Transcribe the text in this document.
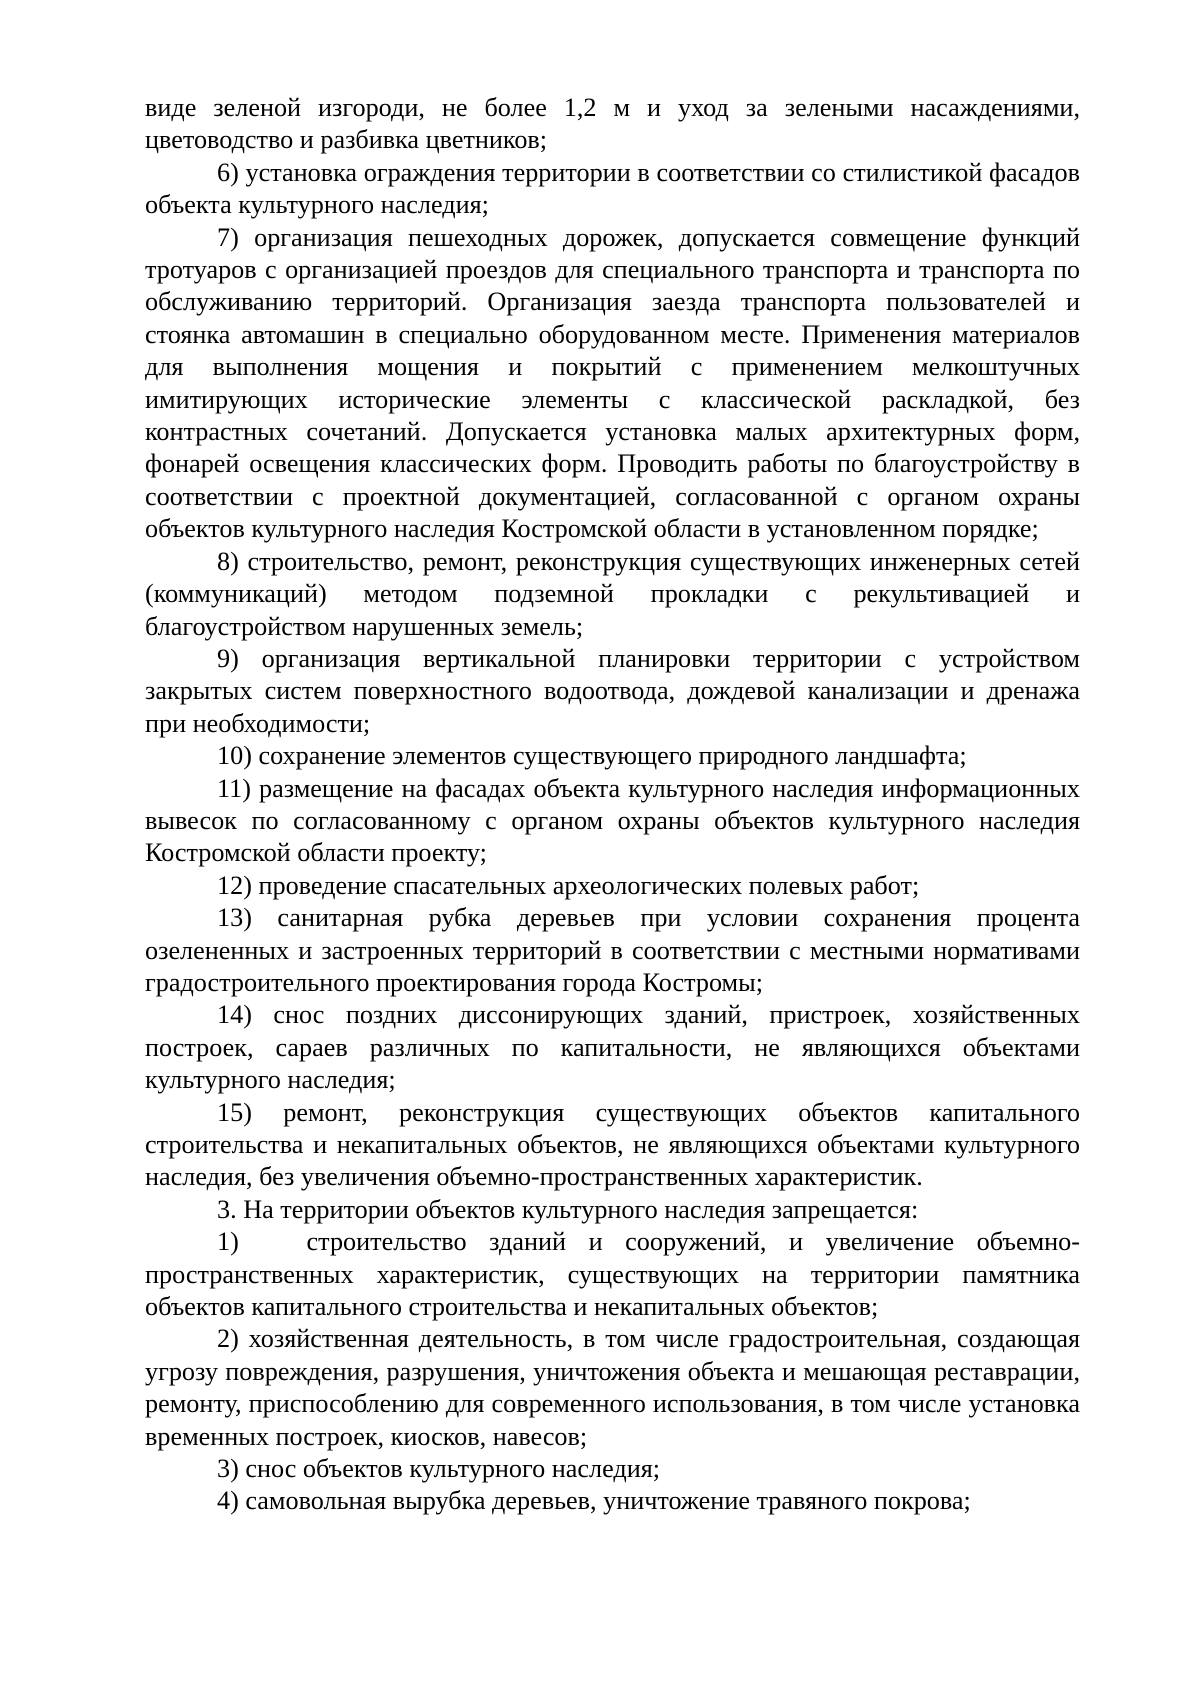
виде зеленой изгороди, не более 1,2 м и уход за зелеными насаждениями, цветоводство и разбивка цветников;

6) установка ограждения территории в соответствии со стилистикой фасадов объекта культурного наследия;

7) организация пешеходных дорожек, допускается совмещение функций тротуаров с организацией проездов для специального транспорта и транспорта по обслуживанию территорий. Организация заезда транспорта пользователей и стоянка автомашин в специально оборудованном месте. Применения материалов для выполнения мощения и покрытий с применением мелкоштучных имитирующих исторические элементы с классической раскладкой, без контрастных сочетаний. Допускается установка малых архитектурных форм, фонарей освещения классических форм. Проводить работы по благоустройству в соответствии с проектной документацией, согласованной с органом охраны объектов культурного наследия Костромской области в установленном порядке;

8) строительство, ремонт, реконструкция существующих инженерных сетей (коммуникаций) методом подземной прокладки с рекультивацией и благоустройством нарушенных земель;

9) организация вертикальной планировки территории с устройством закрытых систем поверхностного водоотвода, дождевой канализации и дренажа при необходимости;

10) сохранение элементов существующего природного ландшафта;

11) размещение на фасадах объекта культурного наследия информационных вывесок по согласованному с органом охраны объектов культурного наследия Костромской области проекту;

12) проведение спасательных археологических полевых работ;

13) санитарная рубка деревьев при условии сохранения процента озелененных и застроенных территорий в соответствии с местными нормативами градостроительного проектирования города Костромы;

14) снос поздних диссонирующих зданий, пристроек, хозяйственных построек, сараев различных по капитальности, не являющихся объектами культурного наследия;

15) ремонт, реконструкция существующих объектов капитального строительства и некапитальных объектов, не являющихся объектами культурного наследия, без увеличения объемно-пространственных характеристик.

3. На территории объектов культурного наследия запрещается:

1)   строительство зданий и сооружений, и увеличение объемно-пространственных характеристик, существующих на территории памятника объектов капитального строительства и некапитальных объектов;

2) хозяйственная деятельность, в том числе градостроительная, создающая угрозу повреждения, разрушения, уничтожения объекта и мешающая реставрации, ремонту, приспособлению для современного использования, в том числе установка временных построек, киосков, навесов;

3) снос объектов культурного наследия;

4) самовольная вырубка деревьев, уничтожение травяного покрова;
